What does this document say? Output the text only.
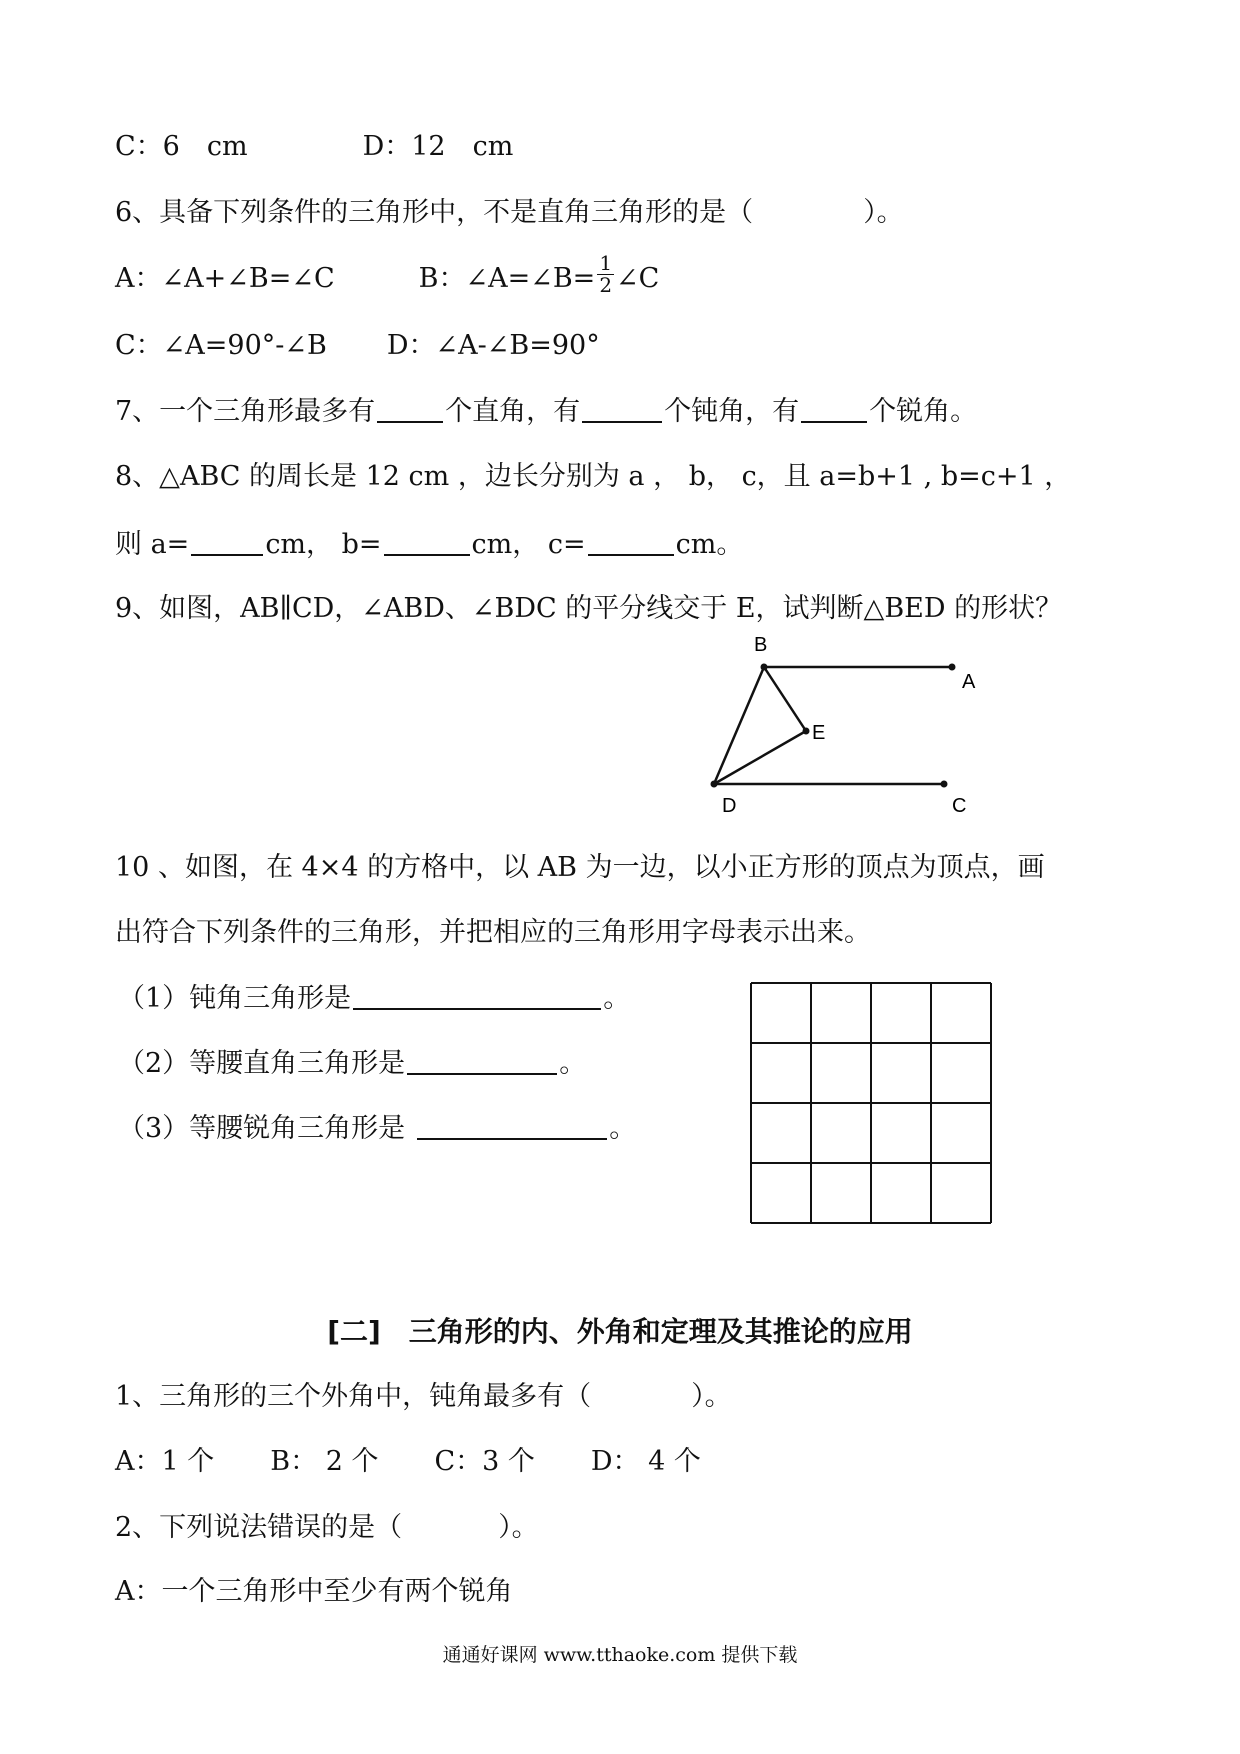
C：6　cm	D：12　cm
6、具备下列条件的三角形中，不是直角三角形的是（	）。
A：∠A+∠B=∠C	B：∠A=∠B= $\frac{1}{2}$ ∠C
C：∠A=90°-∠B D：∠A-∠B=90°
7、一个三角形最多有	个直角，有	个钝角，有	个锐角。
8、△ABC 的周长是 12 cm ，边长分别为 a ， b， c，且 a=b+1 , b=c+1 ，
则 a=	cm， b=	cm， c=	cm。
9、如图，AB∥CD，∠ABD、∠BDC 的平分线交于 E，试判断△BED 的形状？
B
A
E
D	C
10 、如图，在 4×4 的方格中，以 AB 为一边，以小正方形的顶点为顶点，画
出符合下列条件的三角形，并把相应的三角形用字母表示出来。
（1）钝角三角形是	。
（2）等腰直角三角形是	。
（3）等腰锐角三角形是	。
[二]　三角形的内、外角和定理及其推论的应用
1、三角形的三个外角中，钝角最多有（	）。
A：1 个 B： 2 个 C：3 个 D： 4 个
2、下列说法错误的是（	）。
A：一个三角形中至少有两个锐角
通通好课网 www.tthaoke.com 提供下载
